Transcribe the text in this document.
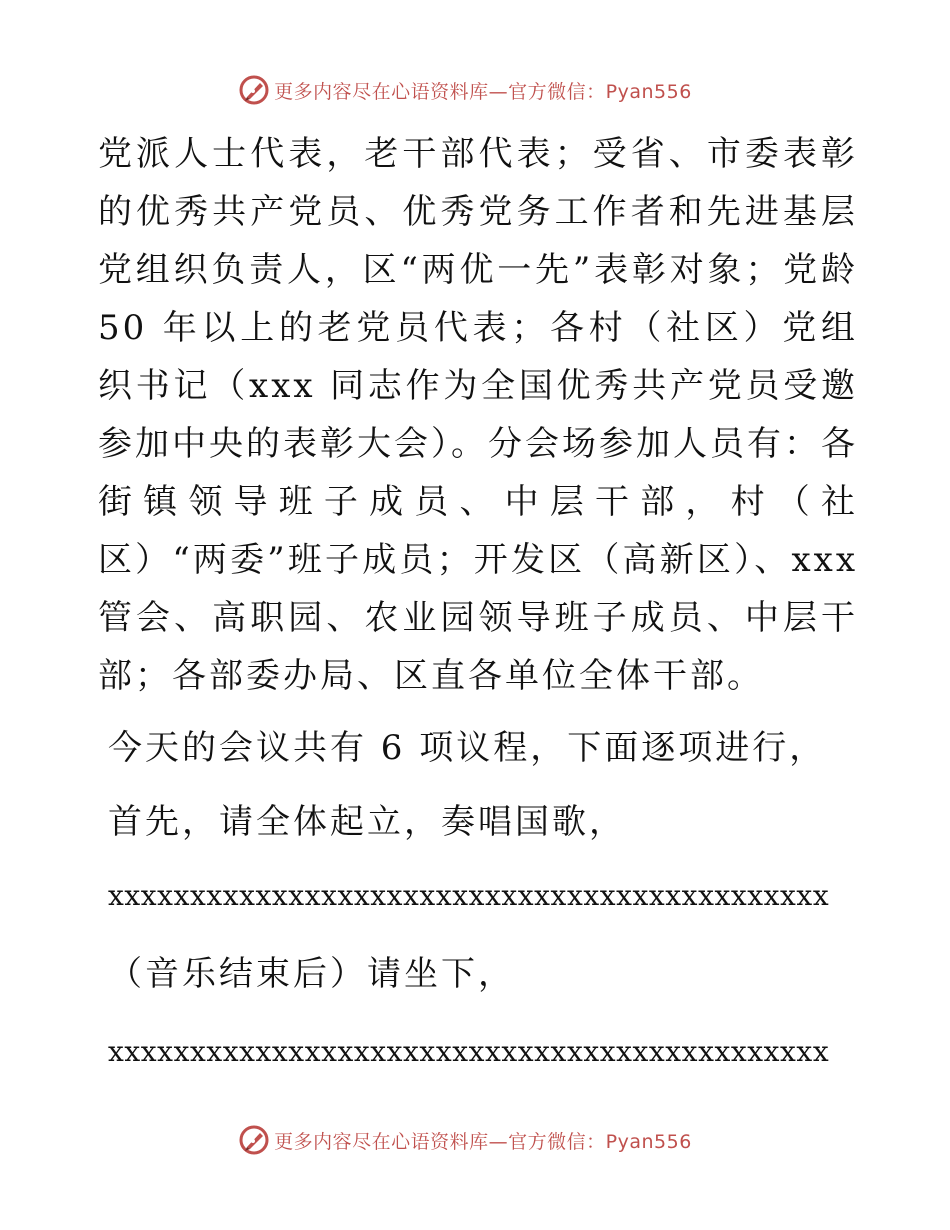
更多内容尽在心语资料库—官方微信：Pyan556

党派人士代表，老干部代表；受省、市委表彰的优秀共产党员、优秀党务工作者和先进基层党组织负责人，区“两优一先”表彰对象；党龄 50 年以上的老党员代表；各村（社区）党组织书记（xxx 同志作为全国优秀共产党员受邀参加中央的表彰大会）。分会场参加人员有：各街镇领导班子成员、中层干部，村（社区）“两委”班子成员；开发区（高新区）、xxx 管会、高职园、农业园领导班子成员、中层干部；各部委办局、区直各单位全体干部。

今天的会议共有 6 项议程，下面逐项进行，

首先，请全体起立，奏唱国歌，

xxxxxxxxxxxxxxxxxxxxxxxxxxxxxxxxxxxxxxxxxxxx

（音乐结束后）请坐下，

xxxxxxxxxxxxxxxxxxxxxxxxxxxxxxxxxxxxxxxxxxxx

更多内容尽在心语资料库—官方微信：Pyan556
